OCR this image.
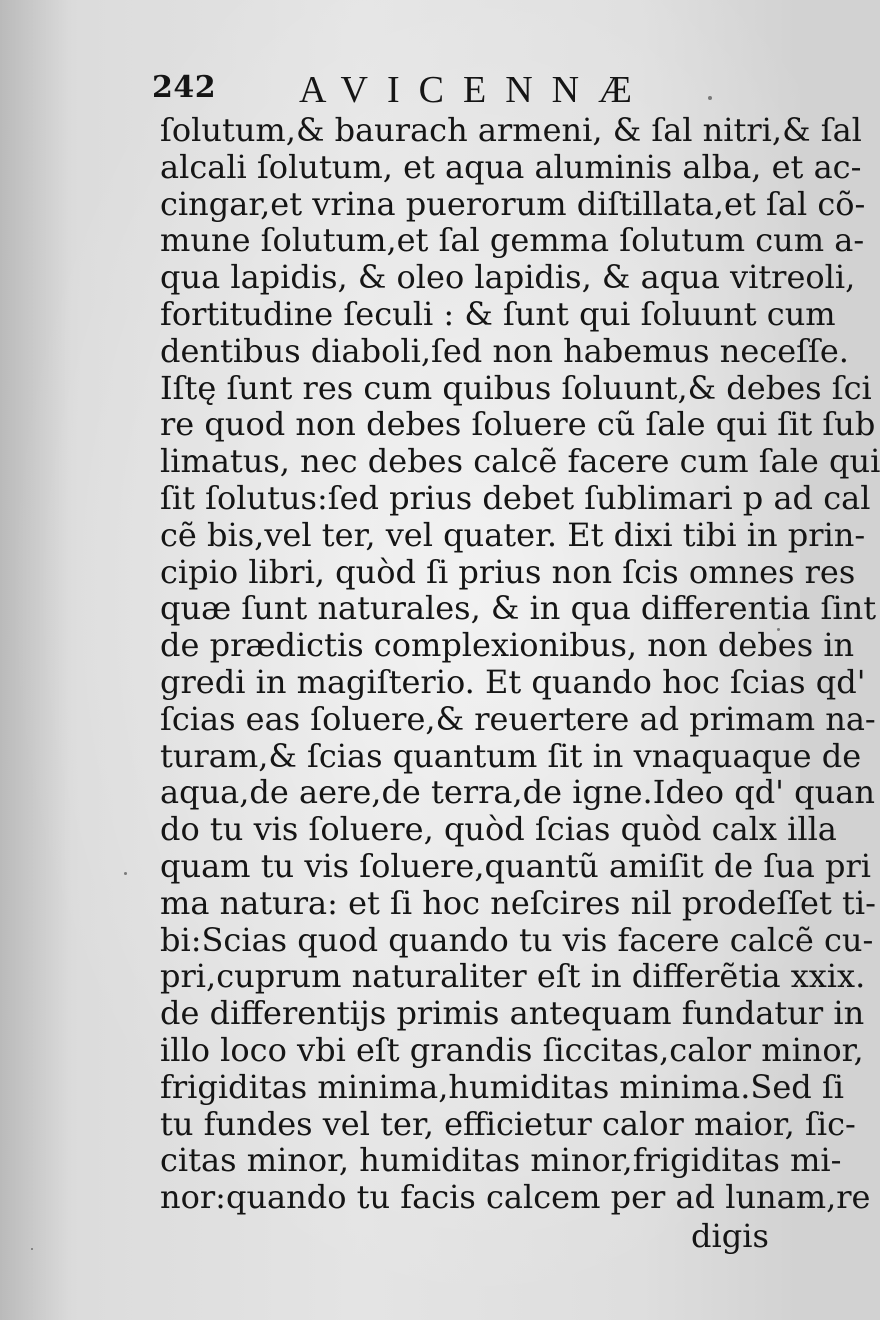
242 AVICENNÆ
ſolutum,& baurach armeni, & ſal nitri,& ſal
alcali ſolutum, et aqua aluminis alba, et ac-
cingar,et vrina puerorum diſtillata,et ſal cõ-
mune ſolutum,et ſal gemma ſolutum cum a-
qua lapidis, & oleo lapidis, & aqua vitreoli,
fortitudine ſeculi : & ſunt qui ſoluunt cum
dentibus diaboli,ſed non habemus neceſſe.
Iſtę ſunt res cum quibus ſoluunt,& debes ſci
re quod non debes ſoluere cũ ſale qui ſit ſub
limatus, nec debes calcẽ facere cum ſale qui
ſit ſolutus:ſed prius debet ſublimari p ad cal
cẽ bis,vel ter, vel quater. Et dixi tibi in prin-
cipio libri, quòd ſi prius non ſcis omnes res
quæ ſunt naturales, & in qua differentia ſint
de prædictis complexionibus, non debes in
gredi in magiſterio. Et quando hoc ſcias qd'
ſcias eas ſoluere,& reuertere ad primam na-
turam,& ſcias quantum ſit in vnaquaque de
aqua,de aere,de terra,de igne.Ideo qd' quan
do tu vis ſoluere, quòd ſcias quòd calx illa
quam tu vis ſoluere,quantũ amiſit de ſua pri
ma natura: et ſi hoc neſcires nil prodeſſet ti-
bi:Scias quod quando tu vis facere calcẽ cu-
pri,cuprum naturaliter eſt in differẽtia xxix.
de differentijs primis antequam fundatur in
illo loco vbi eſt grandis ſiccitas,calor minor,
frigiditas minima,humiditas minima.Sed ſi
tu fundes vel ter, efficietur calor maior, ſic-
citas minor, humiditas minor,frigiditas mi-
nor:quando tu facis calcem per ad lunam,re
digis
